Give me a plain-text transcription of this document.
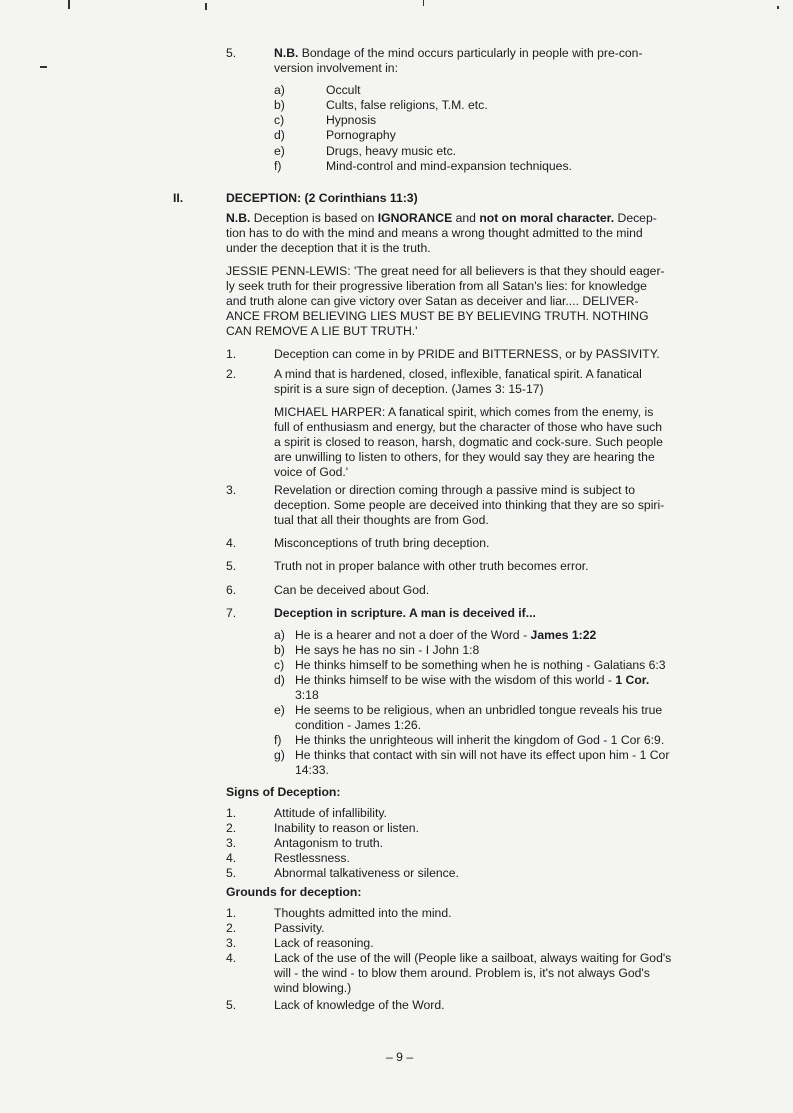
5.	N.B. Bondage of the mind occurs particularly in people with pre-con-
version involvement in:
a)	Occult
b)	Cults, false religions, T.M. etc.
c)	Hypnosis
d)	Pornography
e)	Drugs, heavy music etc.
f)	Mind-control and mind-expansion techniques.
II.	DECEPTION: (2 Corinthians 11:3)
N.B. Deception is based on IGNORANCE and not on moral character. Decep-
tion has to do with the mind and means a wrong thought admitted to the mind
under the deception that it is the truth.
JESSIE PENN-LEWIS: 'The great need for all believers is that they should eager-
ly seek truth for their progressive liberation from all Satan's lies: for knowledge
and truth alone can give victory over Satan as deceiver and liar.... DELIVER-
ANCE FROM BELIEVING LIES MUST BE BY BELIEVING TRUTH. NOTHING
CAN REMOVE A LIE BUT TRUTH.'
1.	Deception can come in by PRIDE and BITTERNESS, or by PASSIVITY.
2.	A mind that is hardened, closed, inflexible, fanatical spirit. A fanatical
spirit is a sure sign of deception. (James 3: 15-17)
MICHAEL HARPER: A fanatical spirit, which comes from the enemy, is
full of enthusiasm and energy, but the character of those who have such
a spirit is closed to reason, harsh, dogmatic and cock-sure. Such people
are unwilling to listen to others, for they would say they are hearing the
voice of God.'
3.	Revelation or direction coming through a passive mind is subject to
deception. Some people are deceived into thinking that they are so spiri-
tual that all their thoughts are from God.
4.	Misconceptions of truth bring deception.
5.	Truth not in proper balance with other truth becomes error.
6.	Can be deceived about God.
7.	Deception in scripture. A man is deceived if...
a) He is a hearer and not a doer of the Word - James 1:22
b) He says he has no sin - I John 1:8
c) He thinks himself to be something when he is nothing - Galatians 6:3
d) He thinks himself to be wise with the wisdom of this world - 1 Cor.
3:18
e) He seems to be religious, when an unbridled tongue reveals his true
condition - James 1:26.
f) He thinks the unrighteous will inherit the kingdom of God - 1 Cor 6:9.
g) He thinks that contact with sin will not have its effect upon him - 1 Cor
14:33.
Signs of Deception:
1.	Attitude of infallibility.
2.	Inability to reason or listen.
3.	Antagonism to truth.
4.	Restlessness.
5.	Abnormal talkativeness or silence.
Grounds for deception:
1.	Thoughts admitted into the mind.
2.	Passivity.
3.	Lack of reasoning.
4.	Lack of the use of the will (People like a sailboat, always waiting for God's
will - the wind - to blow them around. Problem is, it's not always God's
wind blowing.)
5.	Lack of knowledge of the Word.
– 9 –
